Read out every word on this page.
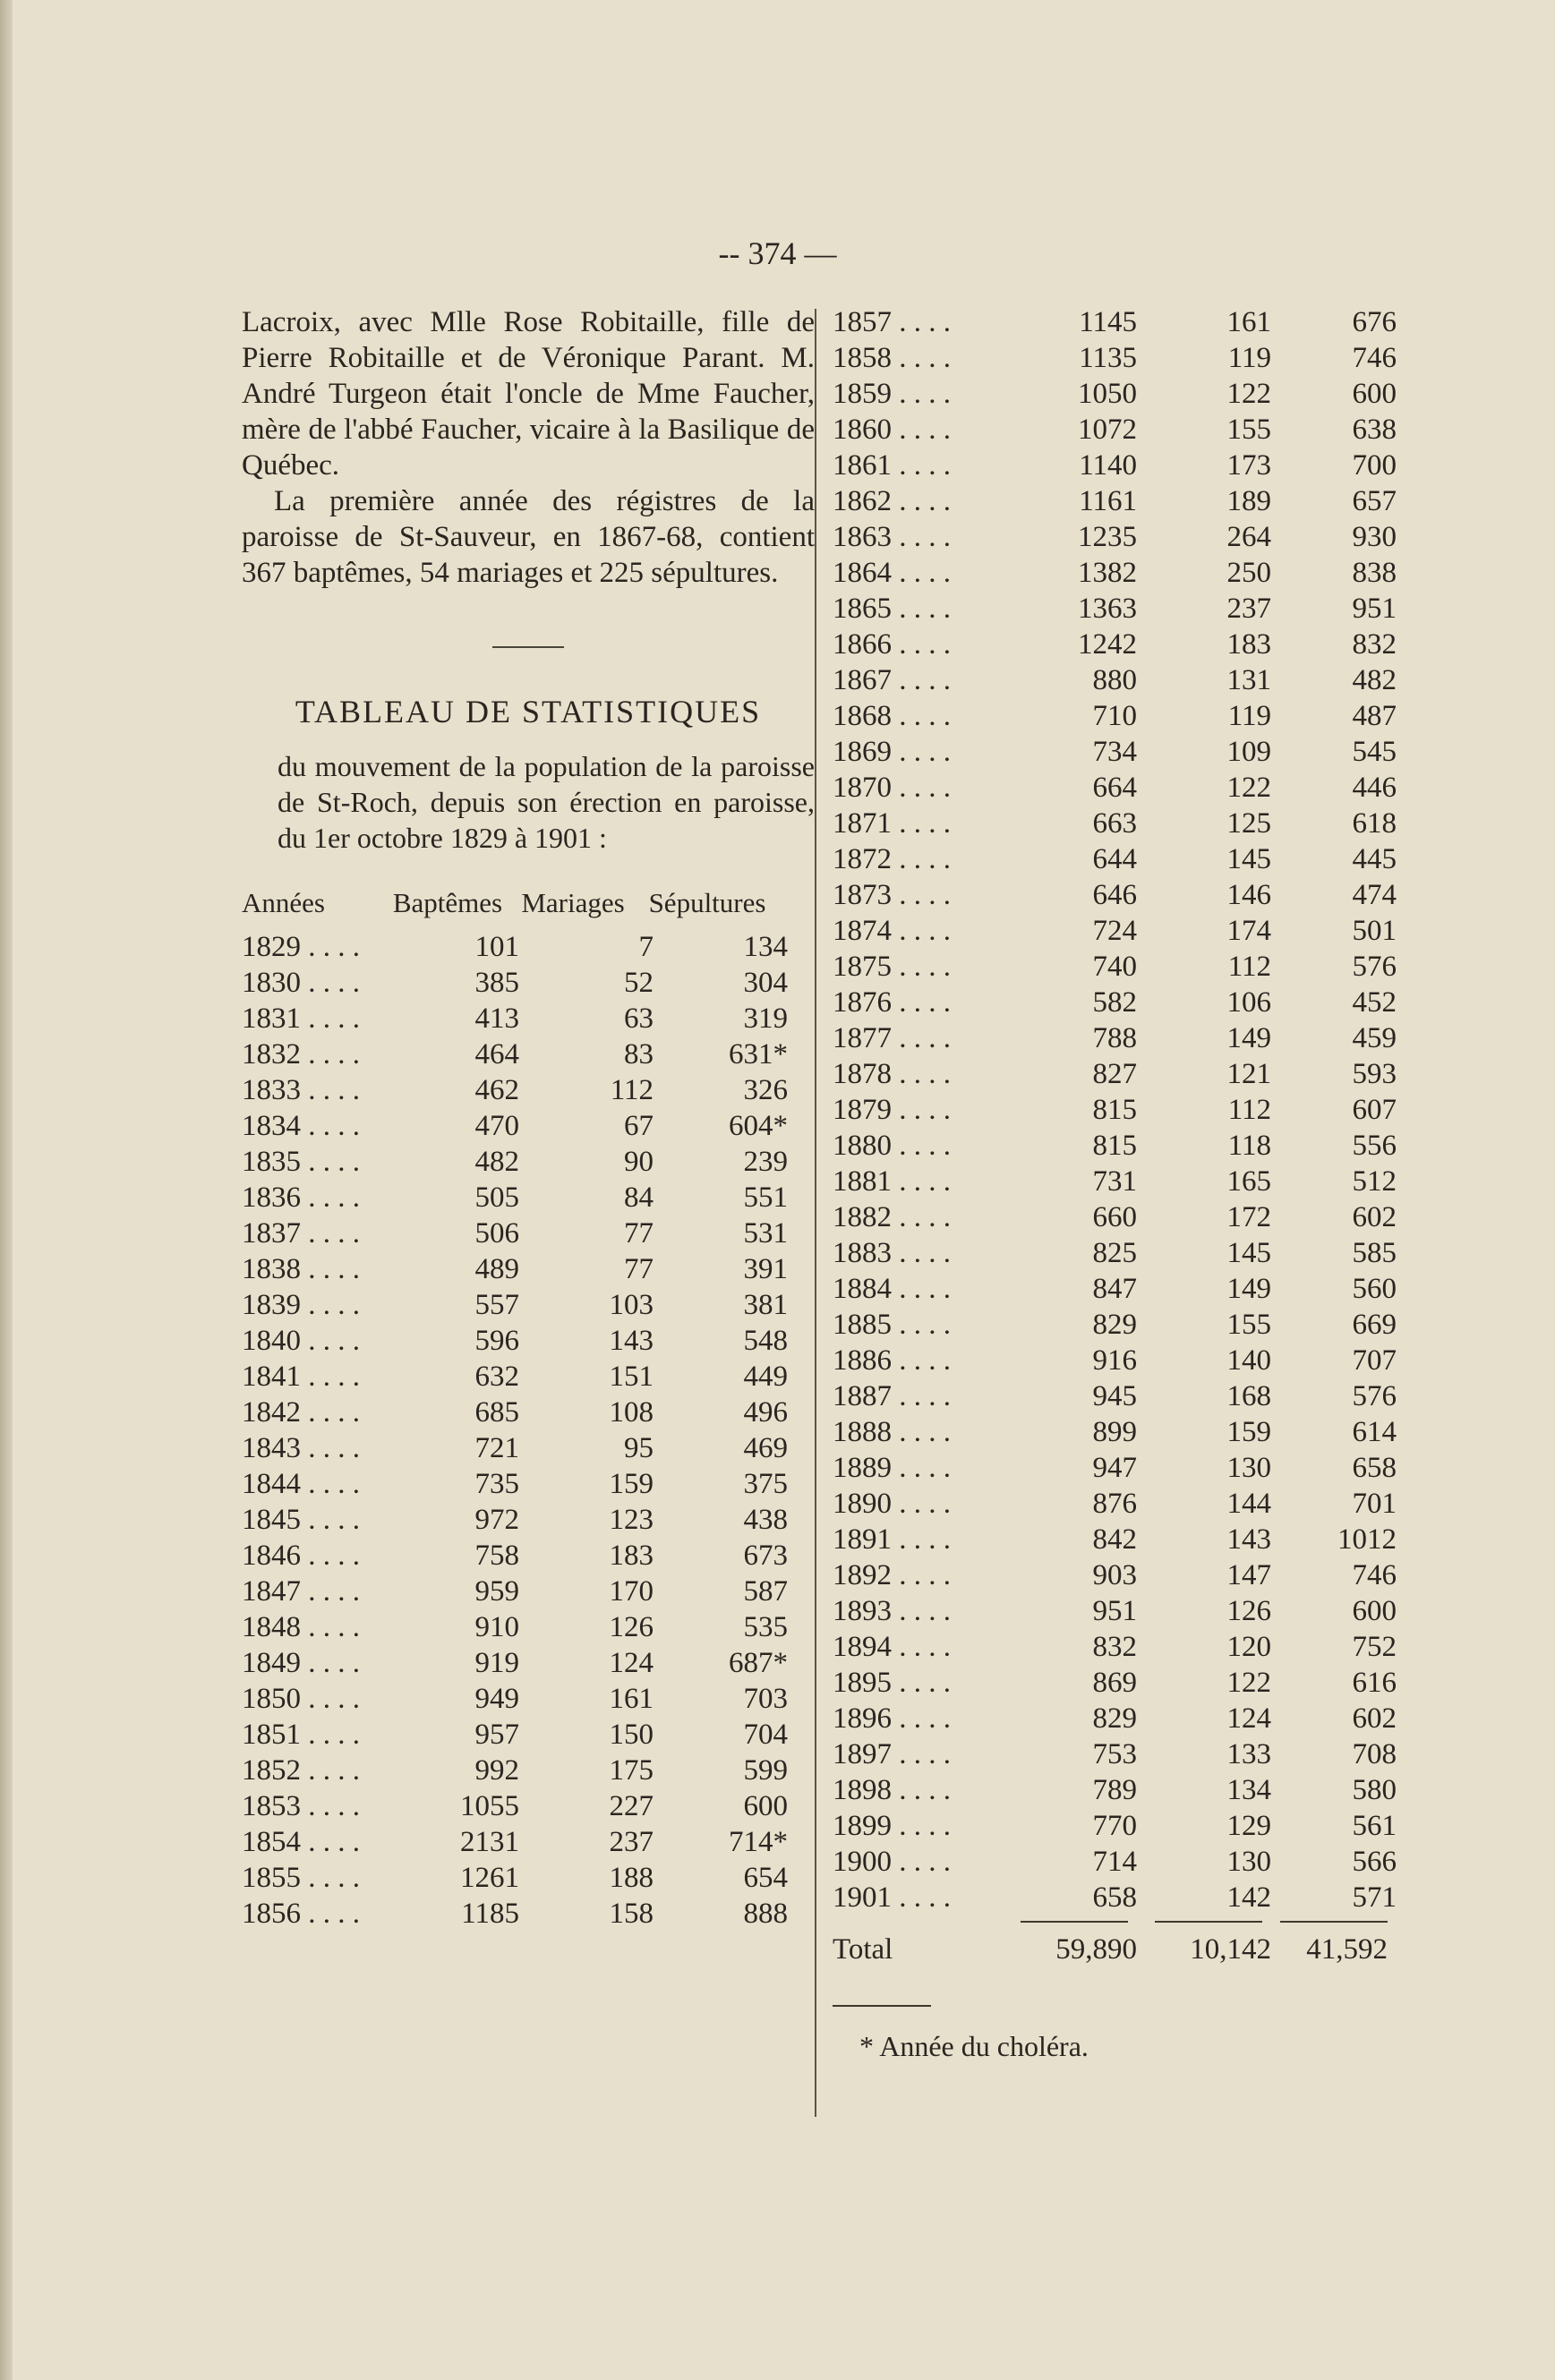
-- 374 —

Lacroix, avec Mlle Rose Robitaille, fille de Pierre Robitaille et de Véronique Parant. M. André Turgeon était l'oncle de Mme Faucher, mère de l'abbé Faucher, vicaire à la Basilique de Québec.

La première année des régistres de la paroisse de St-Sauveur, en 1867-68, contient 367 baptêmes, 54 mariages et 225 sépultures.

TABLEAU DE STATISTIQUES
du mouvement de la population de la paroisse de St-Roch, depuis son érection en paroisse, du 1er octobre 1829 à 1901 :
Années	Baptêmes Mariages Sépultures
1829 . . . .	101	7	134
1830 . . . .	385	52	304
1831 . . . .	413	63	319
1832 . . . .	464	83	631*
1833 . . . .	462	112	326
1834 . . . .	470	67	604*
1835 . . . .	482	90	239
1836 . . . .	505	84	551
1837 . . . .	506	77	531
1838 . . . .	489	77	391
1839 . . . .	557	103	381
1840 . . . .	596	143	548
1841 . . . .	632	151	449
1842 . . . .	685	108	496
1843 . . . .	721	95	469
1844 . . . .	735	159	375
1845 . . . .	972	123	438
1846 . . . .	758	183	673
1847 . . . .	959	170	587
1848 . . . .	910	126	535
1849 . . . .	919	124	687*
1850 . . . .	949	161	703
1851 . . . .	957	150	704
1852 . . . .	992	175	599
1853 . . . .	1055	227	600
1854 . . . .	2131	237	714*
1855 . . . .	1261	188	654
1856 . . . .	1185	158	888
1857 . . . .	1145	161	676
1858 . . . .	1135	119	746
1859 . . . .	1050	122	600
1860 . . . .	1072	155	638
1861 . . . .	1140	173	700
1862 . . . .	1161	189	657
1863 . . . .	1235	264	930
1864 . . . .	1382	250	838
1865 . . . .	1363	237	951
1866 . . . .	1242	183	832
1867 . . . .	880	131	482
1868 . . . .	710	119	487
1869 . . . .	734	109	545
1870 . . . .	664	122	446
1871 . . . .	663	125	618
1872 . . . .	644	145	445
1873 . . . .	646	146	474
1874 . . . .	724	174	501
1875 . . . .	740	112	576
1876 . . . .	582	106	452
1877 . . . .	788	149	459
1878 . . . .	827	121	593
1879 . . . .	815	112	607
1880 . . . .	815	118	556
1881 . . . .	731	165	512
1882 . . . .	660	172	602
1883 . . . .	825	145	585
1884 . . . .	847	149	560
1885 . . . .	829	155	669
1886 . . . .	916	140	707
1887 . . . .	945	168	576
1888 . . . .	899	159	614
1889 . . . .	947	130	658
1890 . . . .	876	144	701
1891 . . . .	842	143	1012
1892 . . . .	903	147	746
1893 . . . .	951	126	600
1894 . . . .	832	120	752
1895 . . . .	869	122	616
1896 . . . .	829	124	602
1897 . . . .	753	133	708
1898 . . . .	789	134	580
1899 . . . .	770	129	561
1900 . . . .	714	130	566
1901 . . . .	658	142	571
Total	59,890	10,142	41,592
* Année du choléra.
